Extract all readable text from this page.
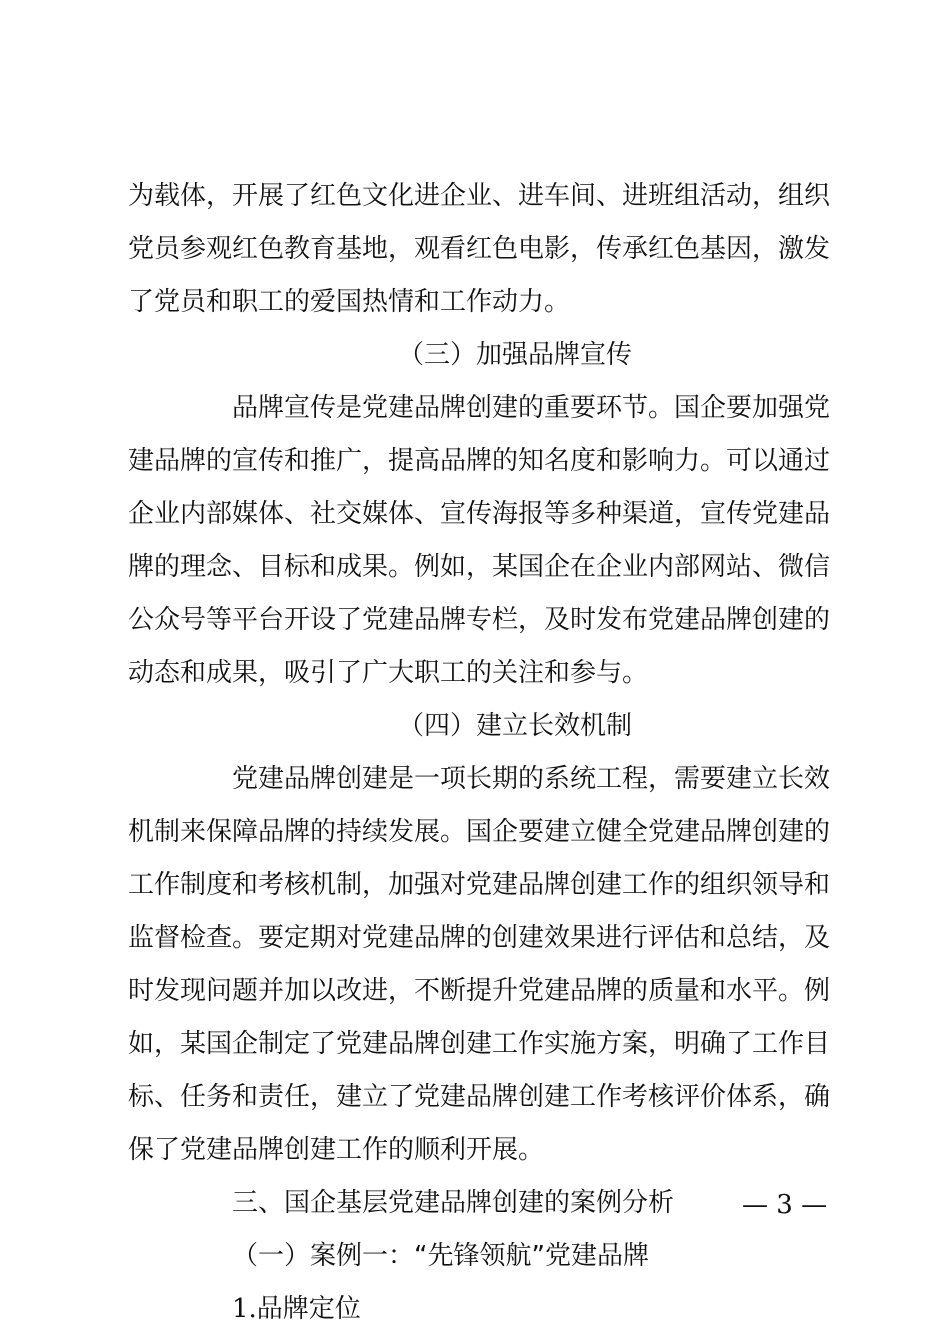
为载体，开展了红色文化进企业、进车间、进班组活动，组织
党员参观红色教育基地，观看红色电影，传承红色基因，激发
了党员和职工的爱国热情和工作动力。
（三）加强品牌宣传
品牌宣传是党建品牌创建的重要环节。国企要加强党
建品牌的宣传和推广，提高品牌的知名度和影响力。可以通过
企业内部媒体、社交媒体、宣传海报等多种渠道，宣传党建品
牌的理念、目标和成果。例如，某国企在企业内部网站、微信
公众号等平台开设了党建品牌专栏，及时发布党建品牌创建的
动态和成果，吸引了广大职工的关注和参与。
（四）建立长效机制
党建品牌创建是一项长期的系统工程，需要建立长效
机制来保障品牌的持续发展。国企要建立健全党建品牌创建的
工作制度和考核机制，加强对党建品牌创建工作的组织领导和
监督检查。要定期对党建品牌的创建效果进行评估和总结，及
时发现问题并加以改进，不断提升党建品牌的质量和水平。例
如，某国企制定了党建品牌创建工作实施方案，明确了工作目
标、任务和责任，建立了党建品牌创建工作考核评价体系，确
保了党建品牌创建工作的顺利开展。
三、国企基层党建品牌创建的案例分析
（一）案例一：“先锋领航”党建品牌
1.品牌定位
— 3 —
